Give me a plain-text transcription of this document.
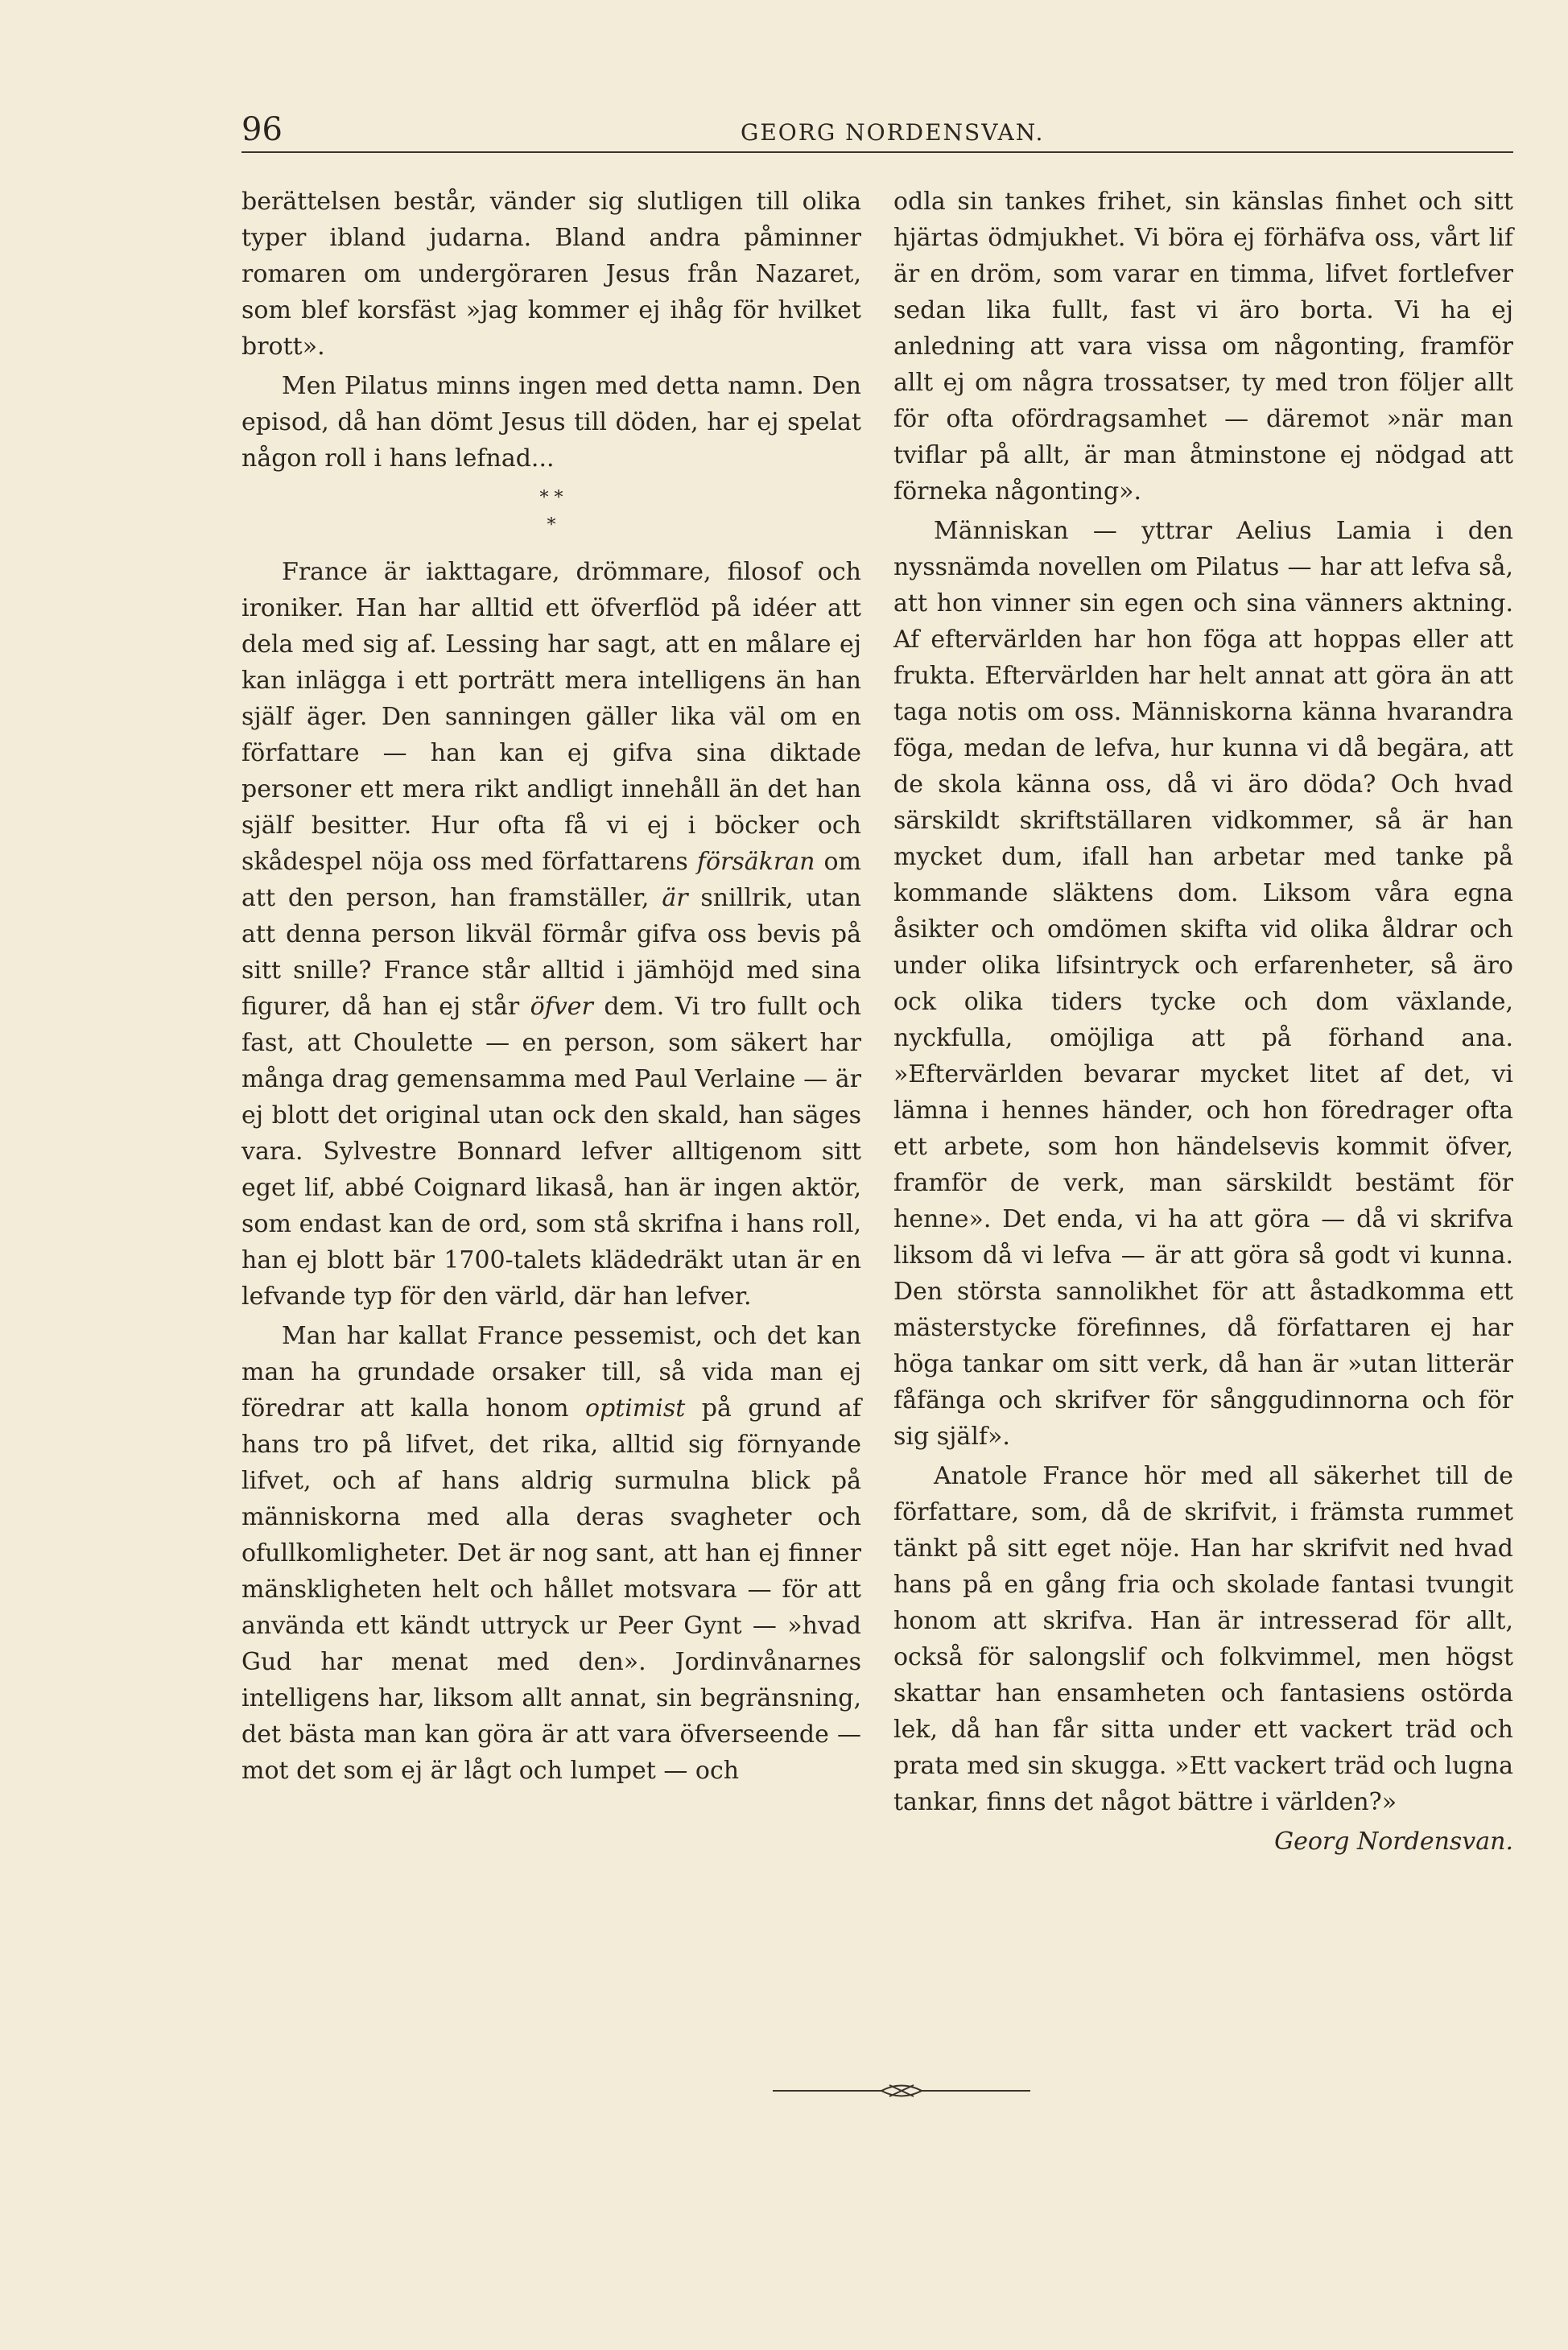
96	GEORG NORDENSVAN.

berättelsen består, vänder sig slutligen till olika typer ibland judarna. Bland andra påminner romaren om undergöraren Jesus från Nazaret, som blef korsfäst »jag kommer ej ihåg för hvilket brott».

Men Pilatus minns ingen med detta namn. Den episod, då han dömt Jesus till döden, har ej spelat någon roll i hans lefnad...

* *
*

France är iakttagare, drömmare, filosof och ironiker. Han har alltid ett öfverflöd på idéer att dela med sig af. Lessing har sagt, att en målare ej kan inlägga i ett porträtt mera intelligens än han själf äger. Den sanningen gäller lika väl om en författare — han kan ej gifva sina diktade personer ett mera rikt andligt innehåll än det han själf besitter. Hur ofta få vi ej i böcker och skådespel nöja oss med författarens försäkran om att den person, han framställer, är snillrik, utan att denna person likväl förmår gifva oss bevis på sitt snille? France står alltid i jämhöjd med sina figurer, då han ej står öfver dem. Vi tro fullt och fast, att Choulette — en person, som säkert har många drag gemensamma med Paul Verlaine — är ej blott det original utan ock den skald, han säges vara. Sylvestre Bonnard lefver alltigenom sitt eget lif, abbé Coignard likaså, han är ingen aktör, som endast kan de ord, som stå skrifna i hans roll, han ej blott bär 1700-talets klädedräkt utan är en lefvande typ för den värld, där han lefver.

Man har kallat France pessemist, och det kan man ha grundade orsaker till, så vida man ej föredrar att kalla honom optimist på grund af hans tro på lifvet, det rika, alltid sig förnyande lifvet, och af hans aldrig surmulna blick på människorna med alla deras svagheter och ofullkomligheter. Det är nog sant, att han ej finner mänskligheten helt och hållet motsvara — för att använda ett kändt uttryck ur Peer Gynt — »hvad Gud har menat med den». Jordinvånarnes intelligens har, liksom allt annat, sin begränsning, det bästa man kan göra är att vara öfverseende — mot det som ej är lågt och lumpet — och

odla sin tankes frihet, sin känslas finhet och sitt hjärtas ödmjukhet. Vi böra ej förhäfva oss, vårt lif är en dröm, som varar en timma, lifvet fortlefver sedan lika fullt, fast vi äro borta. Vi ha ej anledning att vara vissa om någonting, framför allt ej om några trossatser, ty med tron följer allt för ofta ofördragsamhet — däremot »när man tviflar på allt, är man åtminstone ej nödgad att förneka någonting».

Människan — yttrar Aelius Lamia i den nyssnämda novellen om Pilatus — har att lefva så, att hon vinner sin egen och sina vänners aktning. Af eftervärlden har hon föga att hoppas eller att frukta. Eftervärlden har helt annat att göra än att taga notis om oss. Människorna känna hvarandra föga, medan de lefva, hur kunna vi då begära, att de skola känna oss, då vi äro döda? Och hvad särskildt skriftställaren vidkommer, så är han mycket dum, ifall han arbetar med tanke på kommande släktens dom. Liksom våra egna åsikter och omdömen skifta vid olika åldrar och under olika lifsintryck och erfarenheter, så äro ock olika tiders tycke och dom växlande, nyckfulla, omöjliga att på förhand ana. »Eftervärlden bevarar mycket litet af det, vi lämna i hennes händer, och hon föredrager ofta ett arbete, som hon händelsevis kommit öfver, framför de verk, man särskildt bestämt för henne». Det enda, vi ha att göra — då vi skrifva liksom då vi lefva — är att göra så godt vi kunna. Den största sannolikhet för att åstadkomma ett mästerstycke förefinnes, då författaren ej har höga tankar om sitt verk, då han är »utan litterär fåfänga och skrifver för sånggudinnorna och för sig själf».

Anatole France hör med all säkerhet till de författare, som, då de skrifvit, i främsta rummet tänkt på sitt eget nöje. Han har skrifvit ned hvad hans på en gång fria och skolade fantasi tvungit honom att skrifva. Han är intresserad för allt, också för salongslif och folkvimmel, men högst skattar han ensamheten och fantasiens ostörda lek, då han får sitta under ett vackert träd och prata med sin skugga. »Ett vackert träd och lugna tankar, finns det något bättre i världen?»

Georg Nordensvan.
